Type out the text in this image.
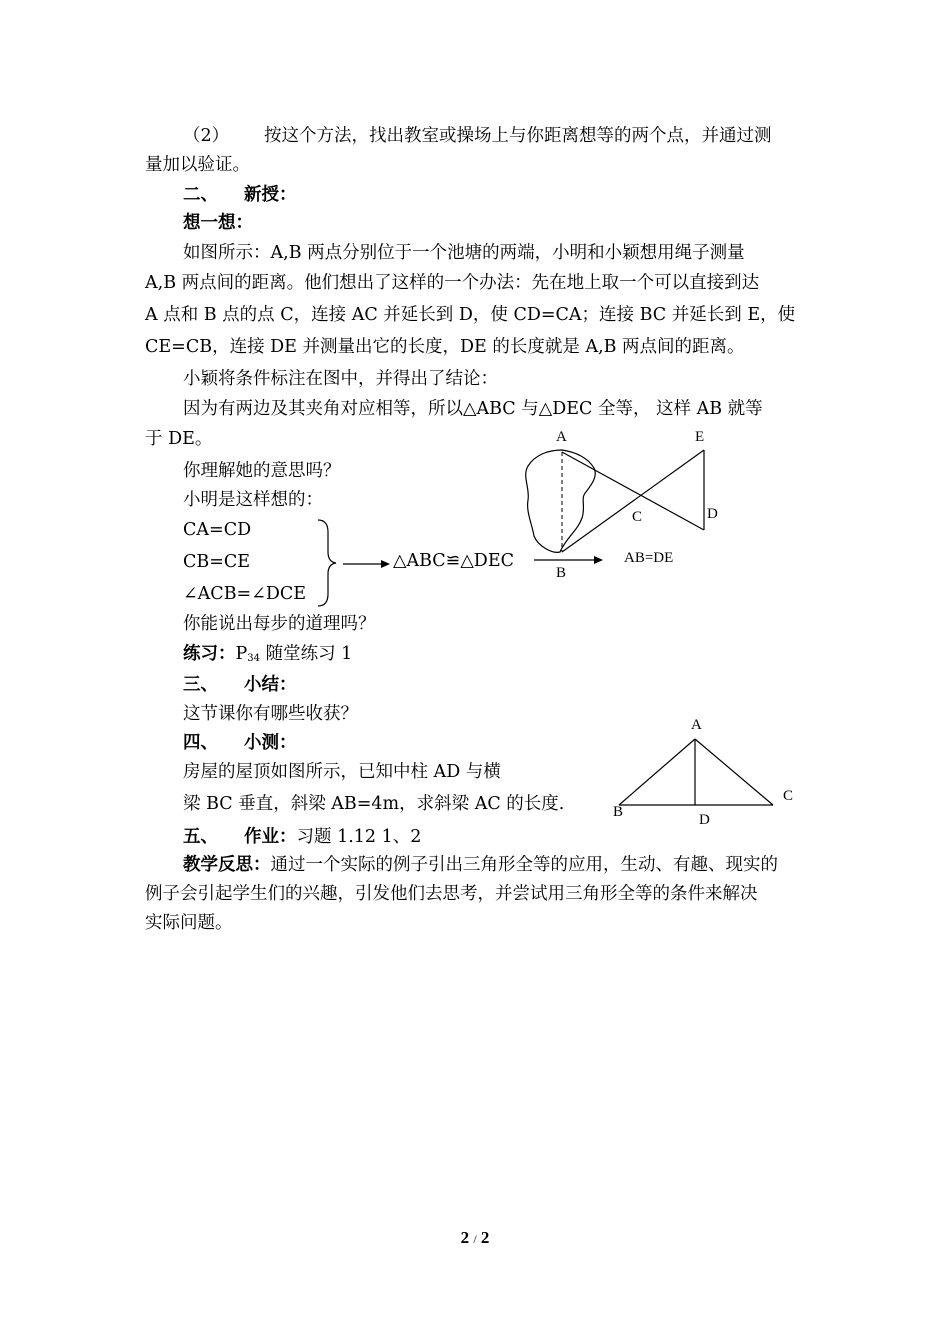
（2） 按这个方法，找出教室或操场上与你距离想等的两个点，并通过测
量加以验证。
二、 新授：
想一想：
如图所示：A,B 两点分别位于一个池塘的两端，小明和小颖想用绳子测量
A,B 两点间的距离。他们想出了这样的一个办法：先在地上取一个可以直接到达
A 点和 B 点的点 C，连接 AC 并延长到 D，使 CD=CA；连接 BC 并延长到 E，使
CE=CB，连接 DE 并测量出它的长度，DE 的长度就是 A,B 两点间的距离。
小颖将条件标注在图中，并得出了结论：
因为有两边及其夹角对应相等，所以△ABC 与△DEC 全等， 这样 AB 就等
于 DE。
你理解她的意思吗？
小明是这样想的：
CA=CD
CB=CE
∠ACB=∠DCE
△ABC≌△DEC	AB=DE
A	E
C	D
B
你能说出每步的道理吗？
练习：$P_{34}$ 随堂练习 1
三、 小结：
这节课你有哪些收获？
四、 小测：
房屋的屋顶如图所示，已知中柱 AD 与横
梁 BC 垂直，斜梁 AB=4m，求斜梁 AC 的长度.
A
B
C
D
五、 作业：习题 1.12 1、2
教学反思：通过一个实际的例子引出三角形全等的应用，生动、有趣、现实的
例子会引起学生们的兴趣，引发他们去思考，并尝试用三角形全等的条件来解决
实际问题。
2 / 2
